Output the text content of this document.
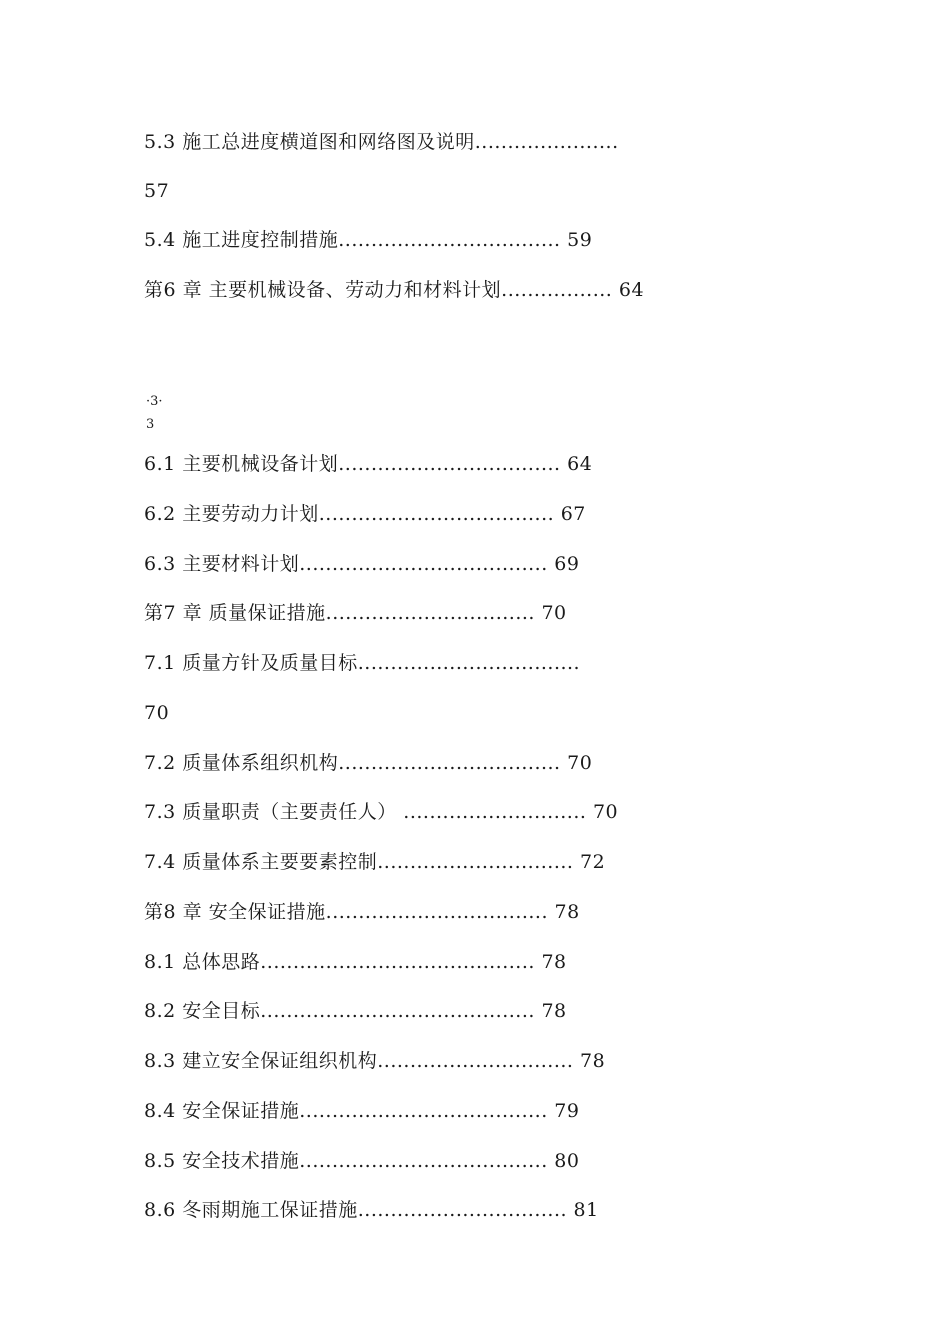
5.3 施工总进度横道图和网络图及说明......................
57
5.4 施工进度控制措施.................................. 59
第6 章 主要机械设备、劳动力和材料计划................. 64
·3·
3
6.1 主要机械设备计划.................................. 64
6.2 主要劳动力计划.................................... 67
6.3 主要材料计划...................................... 69
第7 章 质量保证措施................................ 70
7.1 质量方针及质量目标..................................
70
7.2 质量体系组织机构.................................. 70
7.3 质量职责（主要责任人） ............................ 70
7.4 质量体系主要要素控制.............................. 72
第8 章 安全保证措施.................................. 78
8.1 总体思路.......................................... 78
8.2 安全目标.......................................... 78
8.3 建立安全保证组织机构.............................. 78
8.4 安全保证措施...................................... 79
8.5 安全技术措施...................................... 80
8.6 冬雨期施工保证措施................................ 81
